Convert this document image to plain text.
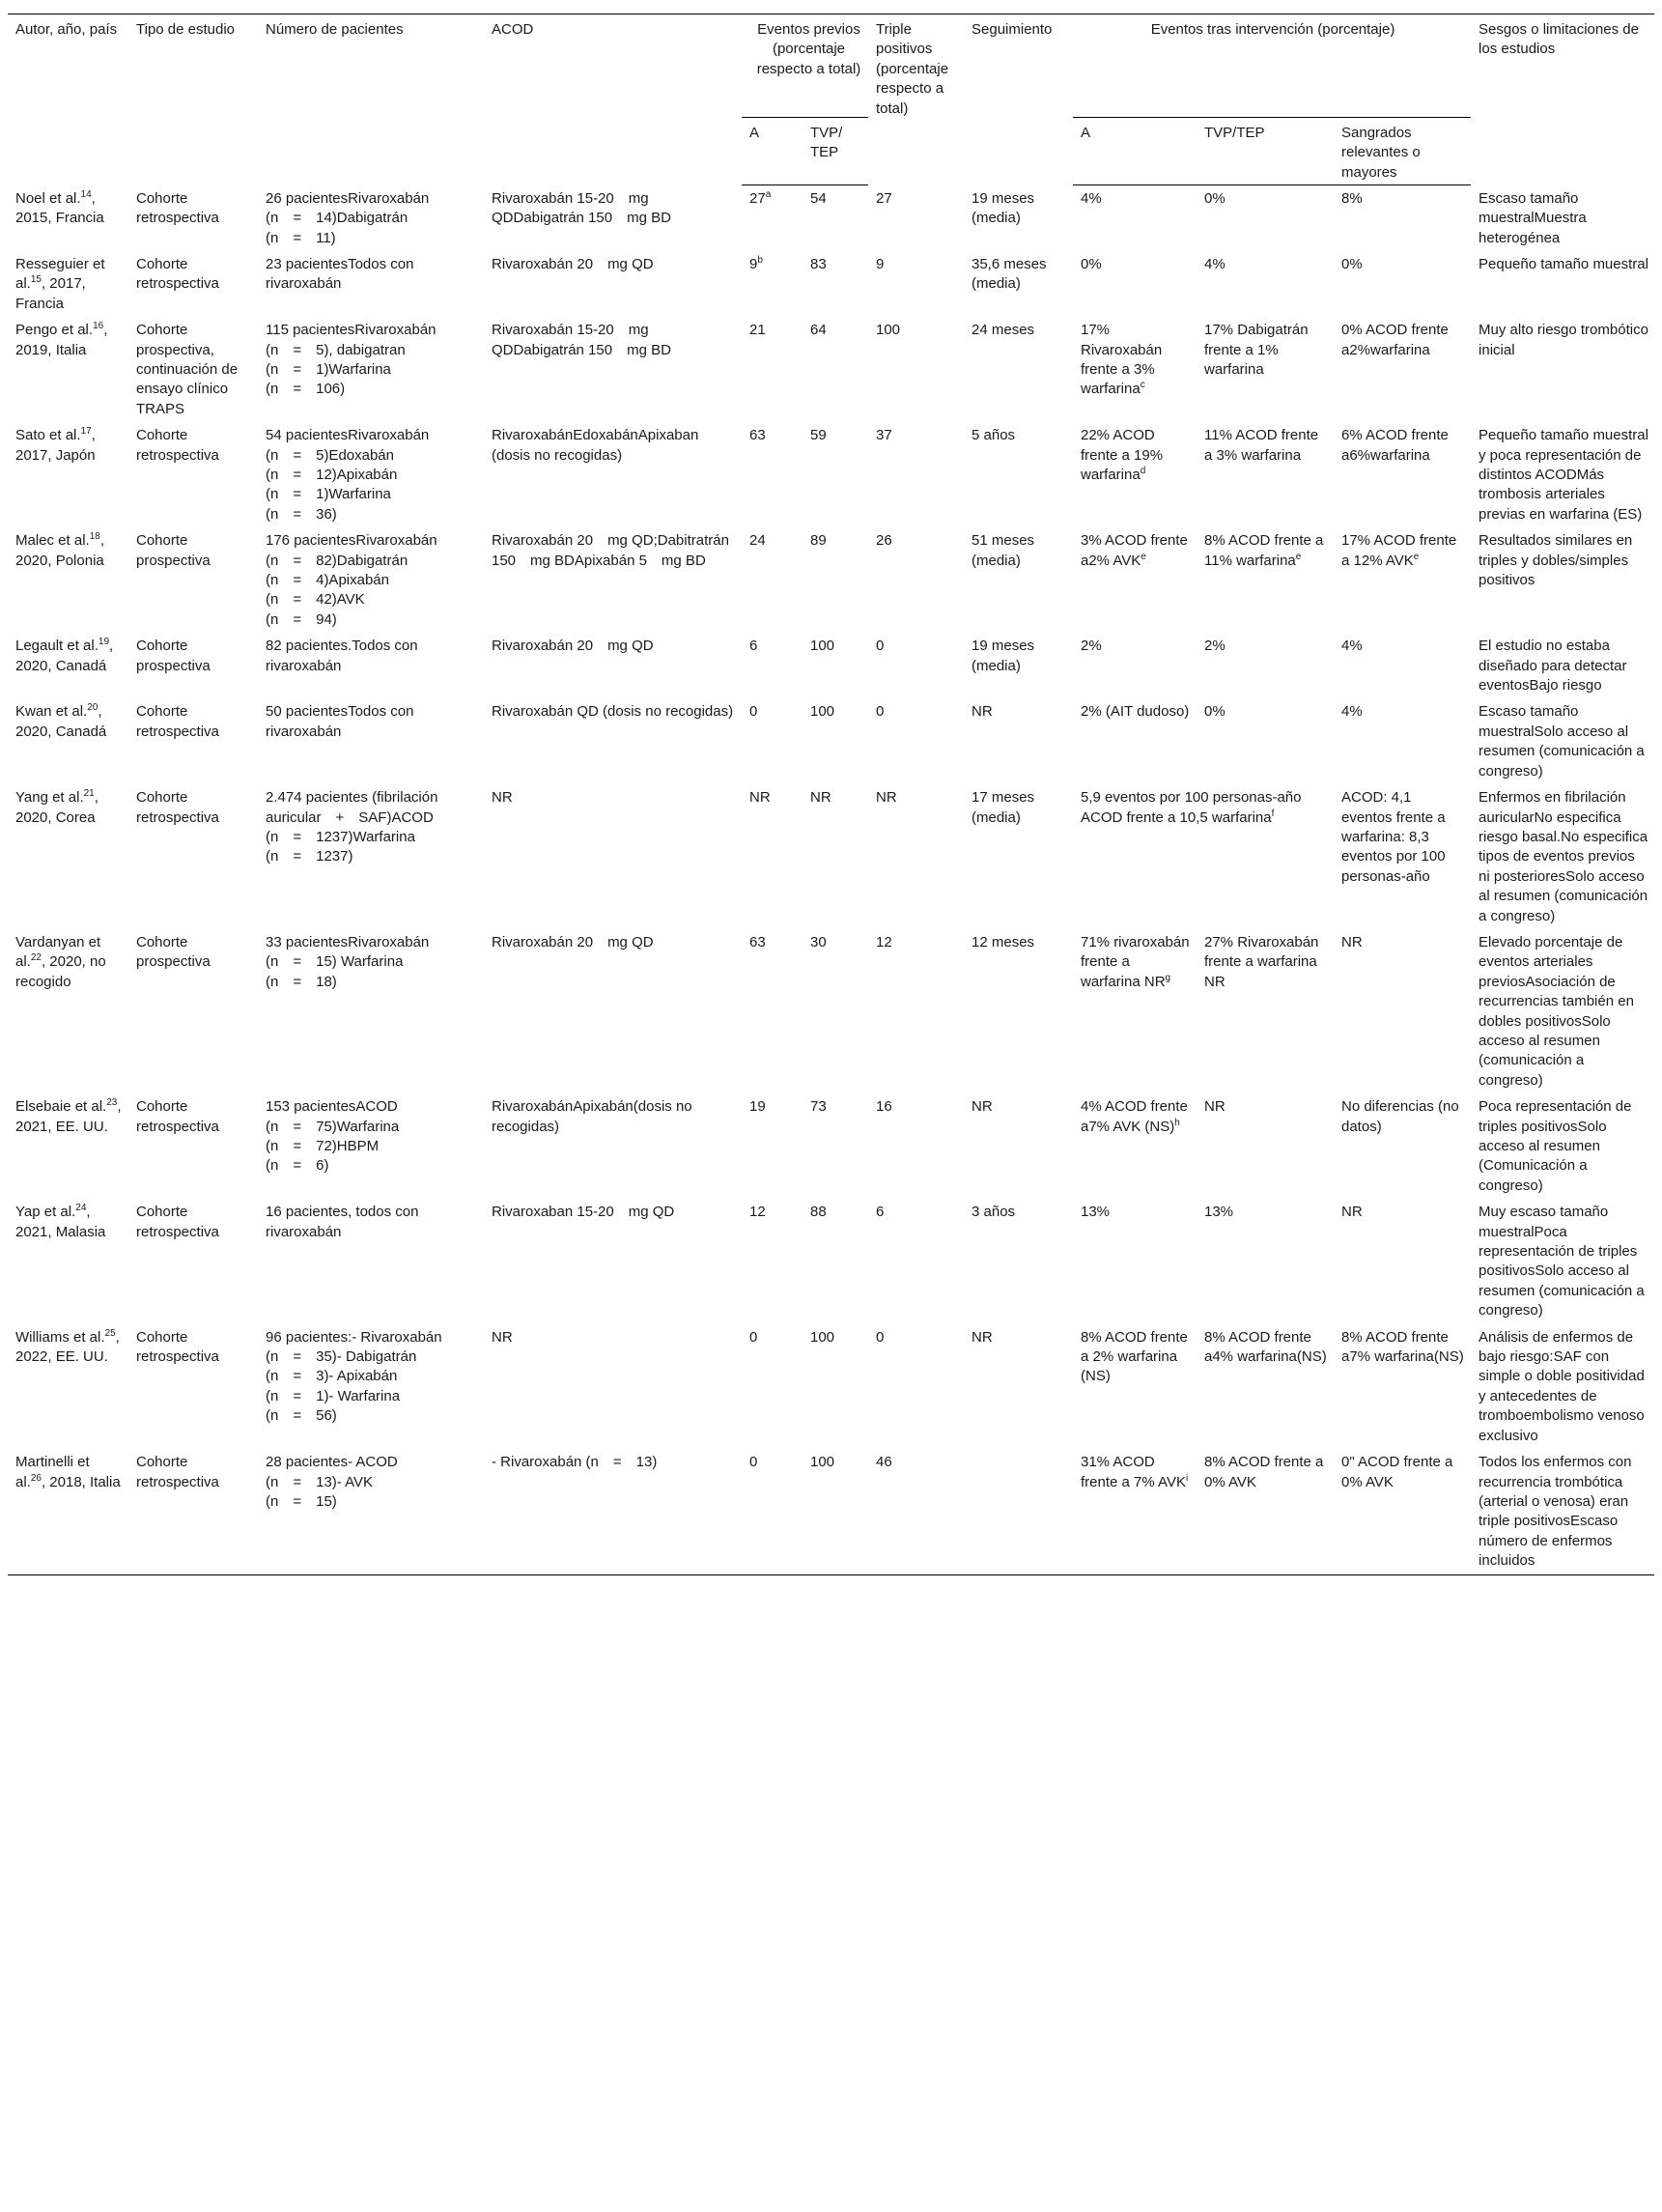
Autor, año, país	Tipo de estudio	Número de pacientes	ACOD	Eventos previos (porcentaje respecto a total)		Triple positivos (porcentaje respecto a total)	Seguimiento	Eventos tras intervención (porcentaje)			Sesgos o limitaciones de los estudios
				A	TVP/ TEP			A	TVP/TEP	Sangrados relevantes o mayores	
Noel et al.$^{14}$, 2015, Francia	Cohorte retrospectiva	26 pacientesRivaroxabán
(n = 14)Dabigatrán
(n = 11)	Rivaroxabán 15-20 mg QDDabigatrán 150 mg BD	27$^a$	54	27	19 meses (media)	4%	0%	8%	Escaso tamaño muestralMuestra heterogénea
Resseguier et al.$^{15}$, 2017, Francia	Cohorte retrospectiva	23 pacientesTodos con rivaroxabán	Rivaroxabán 20 mg QD	9$^b$	83	9	35,6 meses (media)	0%	4%	0%	Pequeño tamaño muestral
Pengo et al.$^{16}$, 2019, Italia	Cohorte prospectiva, continuación de ensayo clínico TRAPS	115 pacientesRivaroxabán
(n = 5), dabigatran
(n = 1)Warfarina
(n = 106)	Rivaroxabán 15-20 mg QDDabigatrán 150 mg BD	21	64	100	24 meses	17% Rivaroxabán frente a 3% warfarina$^c$	17% Dabigatrán frente a 1% warfarina	0% ACOD frente a2%warfarina	Muy alto riesgo trombótico inicial
Sato et al.$^{17}$, 2017, Japón	Cohorte retrospectiva	54 pacientesRivaroxabán
(n = 5)Edoxabán
(n = 12)Apixabán
(n = 1)Warfarina
(n = 36)	RivaroxabánEdoxabánApixaban (dosis no recogidas)	63	59	37	5 años	22% ACOD frente a 19% warfarina$^d$	11% ACOD frente a 3% warfarina	6% ACOD frente a6%warfarina	Pequeño tamaño muestral y poca representación de distintos ACODMás trombosis arteriales previas en warfarina (ES)
Malec et al.$^{18}$, 2020, Polonia	Cohorte prospectiva	176 pacientesRivaroxabán
(n = 82)Dabigatrán
(n = 4)Apixabán
(n = 42)AVK
(n = 94)	Rivaroxabán 20 mg QD;Dabitratrán 150 mg BDApixabán 5 mg BD	24	89	26	51 meses (media)	3% ACOD frente a2% AVK$^e$	8% ACOD frente a 11% warfarina$^e$	17% ACOD frente a 12% AVK$^e$	Resultados similares en triples y dobles/simples positivos
Legault et al.$^{19}$, 2020, Canadá	Cohorte prospectiva	82 pacientes.Todos con rivaroxabán	Rivaroxabán 20 mg QD	6	100	0	19 meses (media)	2%	2%	4%	El estudio no estaba diseñado para detectar eventosBajo riesgo
Kwan et al.$^{20}$, 2020, Canadá	Cohorte retrospectiva	50 pacientesTodos con rivaroxabán	Rivaroxabán QD (dosis no recogidas)	0	100	0	NR	2% (AIT dudoso)	0%	4%	Escaso tamaño muestralSolo acceso al resumen (comunicación a congreso)
Yang et al.$^{21}$, 2020, Corea	Cohorte retrospectiva	2.474 pacientes (fibrilación auricular + SAF)ACOD
(n = 1237)Warfarina
(n = 1237)	NR	NR	NR	NR	17 meses (media)	5,9 eventos por 100 personas-año ACOD frente a 10,5 warfarina$^f$		ACOD: 4,1 eventos frente a warfarina: 8,3 eventos por 100 personas-año	Enfermos en fibrilación auricularNo especifica riesgo basal.No especifica tipos de eventos previos ni posterioresSolo acceso al resumen (comunicación a congreso)
Vardanyan et al.$^{22}$, 2020, no recogido	Cohorte prospectiva	33 pacientesRivaroxabán
(n = 15) Warfarina
(n = 18)	Rivaroxabán 20 mg QD	63	30	12	12 meses	71% rivaroxabán frente a warfarina $NR^g$	27% Rivaroxabán frente a warfarina NR	NR	Elevado porcentaje de eventos arteriales previosAsociación de recurrencias también en dobles positivosSolo acceso al resumen (comunicación a congreso)
Elsebaie et al.$^{23}$, 2021, EE. UU.	Cohorte retrospectiva	153 pacientesACOD
(n = 75)Warfarina
(n = 72)HBPM
(n = 6)	RivaroxabánApixabán(dosis no recogidas)	19	73	16	NR	4% ACOD frente a7% AVK (NS)$^h$	NR	No diferencias (no datos)	Poca representación de triples positivosSolo acceso al resumen (Comunicación a congreso)
Yap et al.$^{24}$, 2021, Malasia	Cohorte retrospectiva	16 pacientes, todos con rivaroxabán	Rivaroxaban 15-20 mg QD	12	88	6	3 años	13%	13%	NR	Muy escaso tamaño muestralPoca representación de triples positivosSolo acceso al resumen (comunicación a congreso)
Williams et al.$^{25}$, 2022, EE. UU.	Cohorte retrospectiva	96 pacientes:- Rivaroxabán
(n = 35)- Dabigatrán
(n = 3)- Apixabán
(n = 1)- Warfarina
(n = 56)	NR	0	100	0	NR	8% ACOD frente a 2% warfarina (NS)	8% ACOD frente a4% warfarina(NS)	8% ACOD frente a7% warfarina(NS)	Análisis de enfermos de bajo riesgo:SAF con simple o doble positividad y antecedentes de tromboembolismo venoso exclusivo
Martinelli et al.$^{26}$, 2018, Italia	Cohorte retrospectiva	28 pacientes- ACOD
(n = 13)- AVK
(n = 15)	- Rivaroxabán (n = 13)	0	100	46		31% ACOD frente a 7% AVK$^i$	8% ACOD frente a 0% AVK	0" ACOD frente a 0% AVK	Todos los enfermos con recurrencia trombótica (arterial o venosa) eran triple positivosEscaso número de enfermos incluidos
